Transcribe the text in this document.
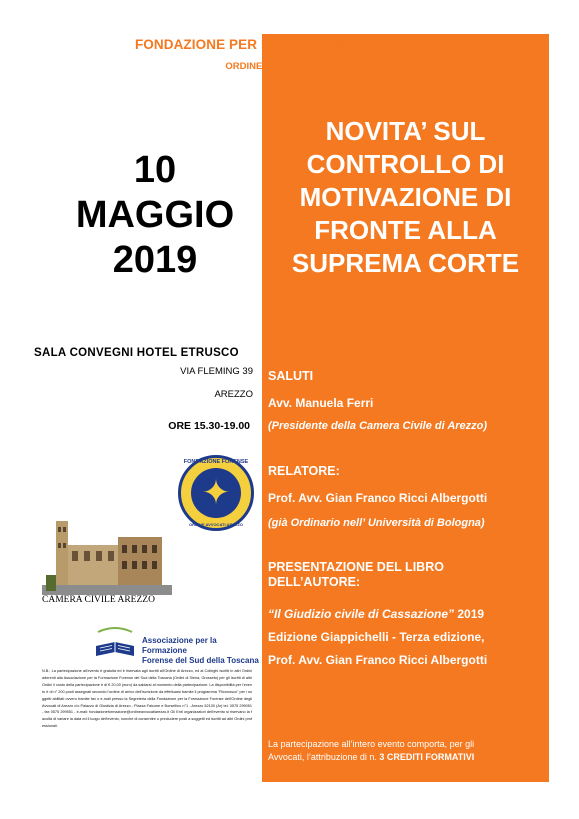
FONDAZIONE PER LA FORMAZIONE FORENSE
ORDINE AVVOCATI AREZZO
10
MAGGIO
2019
NOVITA’ SUL
CONTROLLO DI
MOTIVAZIONE DI
FRONTE ALLA
SUPREMA CORTE
SALA CONVEGNI HOTEL ETRUSCO
VIA FLEMING 39
AREZZO
ORE 15.30-19.00
FONDAZIONE FORENSE
✦
ORDINE AVVOCATI AREZZO
CAMERA CIVILE AREZZO
Associazione per la Formazione
Forense del Sud della Toscana
N.B.: La partecipazione all'evento è gratuita ed è riservata agli iscritti all'Ordine di Arezzo, ed ai Colleghi iscritti in altri Ordini aderenti alla Associazione per la Formazione Forense del Sud della Toscana (Ordini di Siena, Grosseto) per gli iscritti di altri Ordini il costo della partecipazione è di € 20,00 (euro) da saldarsi al momento della partecipazione. La disponibilità per l'evento è di n° 200 posti assegnati secondo l'ordine di arrivo dell'iscrizione da effettuarsi tramite il programma "Riconosco" per i soggetti abilitati ovvero tramite fax o e-mail presso la Segreteria della Fondazione per la Formazione Forense dell'Ordine degli Avvocati di Arezzo c/o Palazzo di Giustizia di Arezzo - Piazza Falcone e Borsellino n°1 - Arezzo 52100 (Ar) tel. 0575 299051 - fax 0575 299551 - e-mail: fondazioneformazione@ordineavvocatiarezzo.it Gli Enti organizzatori dell'evento si riservano la facoltà di variare la data ed il luogo dell'evento, nonché di consentire o precludere posti a soggetti ed iscritti ad altri Ordini professionali.
SALUTI
Avv. Manuela Ferri
(Presidente della Camera Civile di Arezzo)
RELATORE:
Prof. Avv. Gian Franco Ricci Albergotti
(già Ordinario nell’ Università di Bologna)
PRESENTAZIONE DEL LIBRO
DELL’AUTORE:
“Il Giudizio civile di Cassazione” 2019
Edizione Giappichelli - Terza edizione,
Prof. Avv. Gian Franco Ricci Albergotti
La partecipazione all’intero evento comporta, per gli
Avvocati, l’attribuzione di n. 3 CREDITI FORMATIVI
